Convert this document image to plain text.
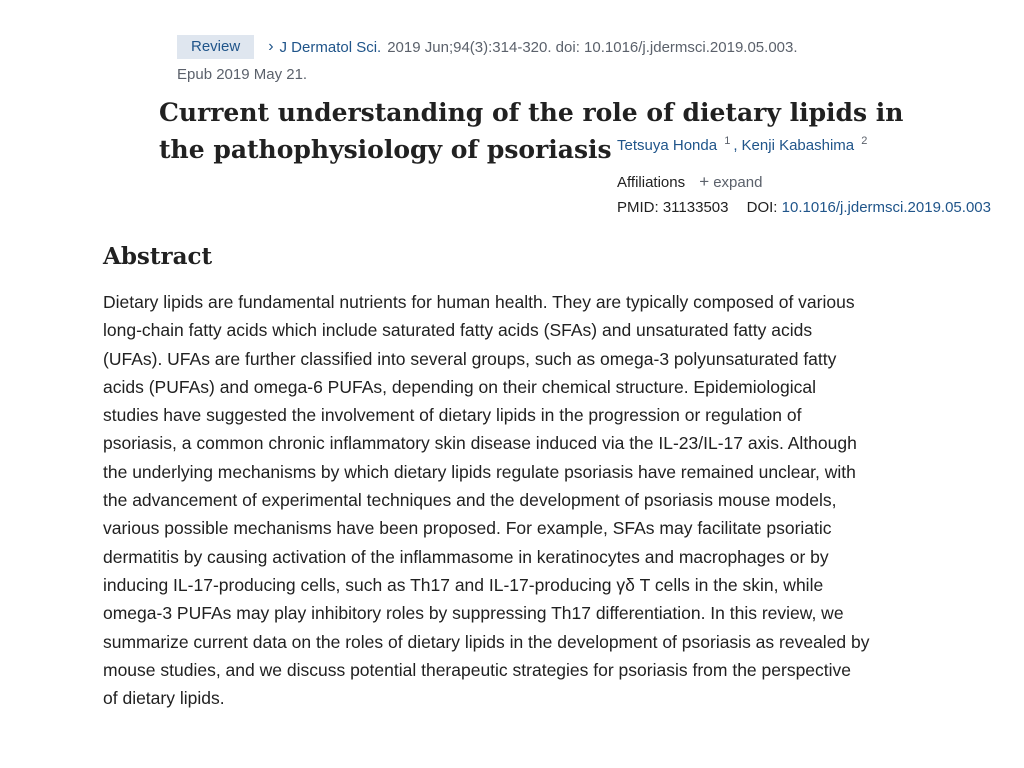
Review	› J Dermatol Sci. 2019 Jun;94(3):314-320. doi: 10.1016/j.jdermsci.2019.05.003.
Epub 2019 May 21.
Current understanding of the role of dietary lipids in
the pathophysiology of psoriasis Tetsuya Honda 1 , Kenji Kabashima 2
Affiliations + expand
PMID: 31133503 DOI: 10.1016/j.jdermsci.2019.05.003
Abstract

Dietary lipids are fundamental nutrients for human health. They are typically composed of various
long-chain fatty acids which include saturated fatty acids (SFAs) and unsaturated fatty acids
(UFAs). UFAs are further classified into several groups, such as omega-3 polyunsaturated fatty
acids (PUFAs) and omega-6 PUFAs, depending on their chemical structure. Epidemiological
studies have suggested the involvement of dietary lipids in the progression or regulation of
psoriasis, a common chronic inflammatory skin disease induced via the IL-23/IL-17 axis. Although
the underlying mechanisms by which dietary lipids regulate psoriasis have remained unclear, with
the advancement of experimental techniques and the development of psoriasis mouse models,
various possible mechanisms have been proposed. For example, SFAs may facilitate psoriatic
dermatitis by causing activation of the inflammasome in keratinocytes and macrophages or by
inducing IL-17-producing cells, such as Th17 and IL-17-producing γδ T cells in the skin, while
omega-3 PUFAs may play inhibitory roles by suppressing Th17 differentiation. In this review, we
summarize current data on the roles of dietary lipids in the development of psoriasis as revealed by
mouse studies, and we discuss potential therapeutic strategies for psoriasis from the perspective
of dietary lipids.
